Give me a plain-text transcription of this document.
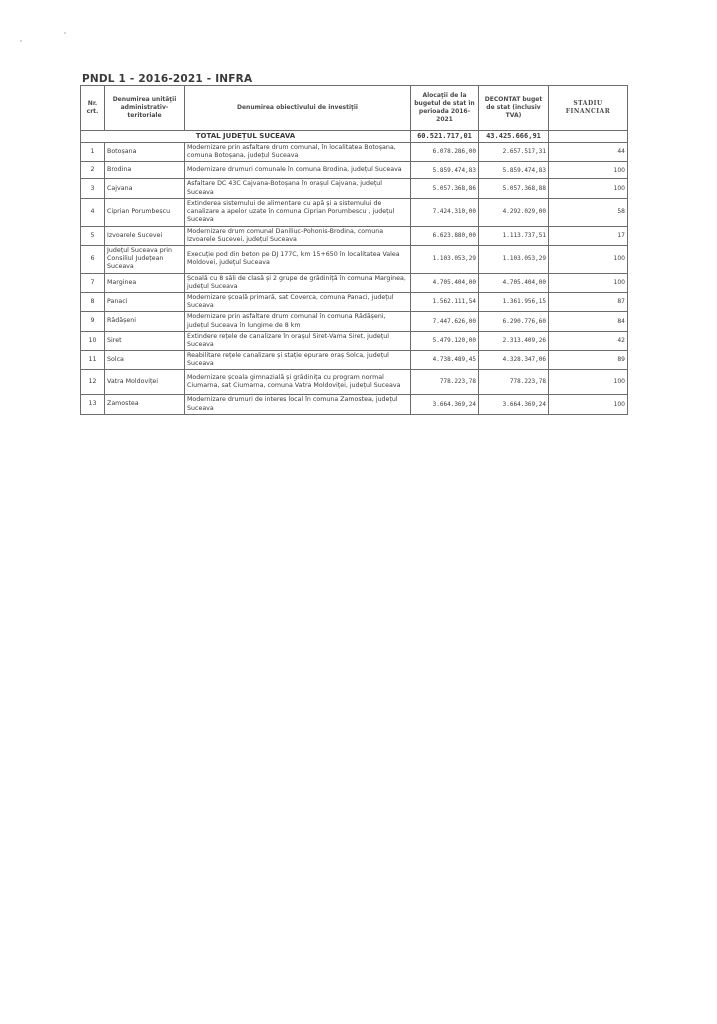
PNDL 1 - 2016-2021 - INFRA
Nr. crt.	Denumirea unităţii administrativ-teritoriale	Denumirea obiectivului de investiţii	Alocaţii de la bugetul de stat în perioada 2016-2021	DECONTAT buget de stat (inclusiv TVA)	STADIU FINANCIAR
TOTAL JUDEȚUL SUCEAVA			60.521.717,01	43.425.666,91	
1	Botoșana	Modernizare prin asfaltare drum comunal, în localitatea Botoșana, comuna Botoșana, județul Suceava	6.078.286,00	2.657.517,31	44
2	Brodina	Modernizare drumuri comunale în comuna Brodina, județul Suceava	5.859.474,83	5.859.474,83	100
3	Cajvana	Asfaltare DC 43C Cajvana-Botoșana în orașul Cajvana, județul Suceava	5.057.368,86	5.057.368,88	100
4	Ciprian Porumbescu	Extinderea sistemului de alimentare cu apă și a sistemului de canalizare a apelor uzate în comuna Ciprian Porumbescu , județul Suceava	7.424.310,00	4.292.029,00	58
5	Izvoarele Sucevei	Modernizare drum comunal Daniliuc-Pohonis-Brodina, comuna Izvoarele Sucevei, județul Suceava	6.623.880,00	1.113.737,51	17
6	Județul Suceava prin Consiliul Județean Suceava	Execuție pod din beton pe DJ 177C, km 15+650 în localitatea Valea Moldovei, județul Suceava	1.103.053,29	1.103.053,29	100
7	Marginea	Școală cu 8 săli de clasă și 2 grupe de grădiniță în comuna Marginea, județul Suceava	4.705.404,00	4.705.404,00	100
8	Panaci	Modernizare școală primară, sat Coverca, comuna Panaci, județul Suceava	1.562.111,54	1.361.956,15	87
9	Rădășeni	Modernizare prin asfaltare drum comunal în comuna Rădășeni, județul Suceava în lungime de 8 km	7.447.626,00	6.290.776,60	84
10	Siret	Extindere rețele de canalizare în orașul Siret-Vama Siret, județul Suceava	5.479.120,00	2.313.409,26	42
11	Solca	Reabilitare rețele canalizare și stație epurare oraș Solca, județul Suceava	4.738.489,45	4.328.347,06	89
12	Vatra Moldoviței	Modernizare școala gimnazială și grădinița cu program normal Ciumarna, sat Ciumarna, comuna Vatra Moldoviței, județul Suceava	778.223,78	778.223,78	100
13	Zamostea	Modernizare drumuri de interes local în comuna Zamostea, județul Suceava	3.664.369,24	3.664.369,24	100
